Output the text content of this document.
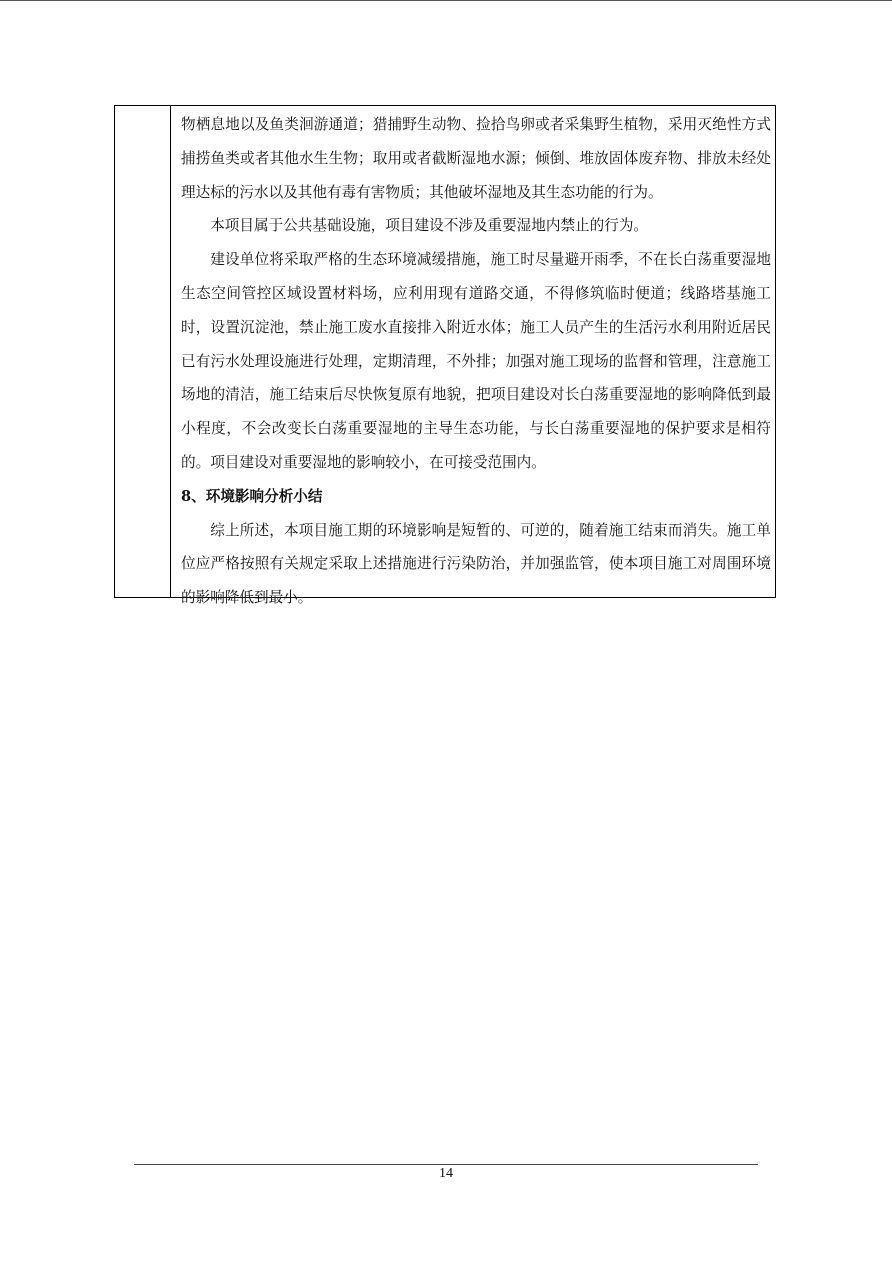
物栖息地以及鱼类洄游通道；猎捕野生动物、捡拾鸟卵或者采集野生植物，采用灭绝性方式捕捞鱼类或者其他水生生物；取用或者截断湿地水源；倾倒、堆放固体废弃物、排放未经处理达标的污水以及其他有毒有害物质；其他破坏湿地及其生态功能的行为。

本项目属于公共基础设施，项目建设不涉及重要湿地内禁止的行为。

建设单位将采取严格的生态环境减缓措施，施工时尽量避开雨季，不在长白荡重要湿地生态空间管控区域设置材料场，应利用现有道路交通，不得修筑临时便道；线路塔基施工时，设置沉淀池，禁止施工废水直接排入附近水体；施工人员产生的生活污水利用附近居民已有污水处理设施进行处理，定期清理，不外排；加强对施工现场的监督和管理，注意施工场地的清洁，施工结束后尽快恢复原有地貌，把项目建设对长白荡重要湿地的影响降低到最小程度，不会改变长白荡重要湿地的主导生态功能，与长白荡重要湿地的保护要求是相符的。项目建设对重要湿地的影响较小，在可接受范围内。

8、环境影响分析小结

综上所述，本项目施工期的环境影响是短暂的、可逆的，随着施工结束而消失。施工单位应严格按照有关规定采取上述措施进行污染防治，并加强监管，使本项目施工对周围环境的影响降低到最小。

14
